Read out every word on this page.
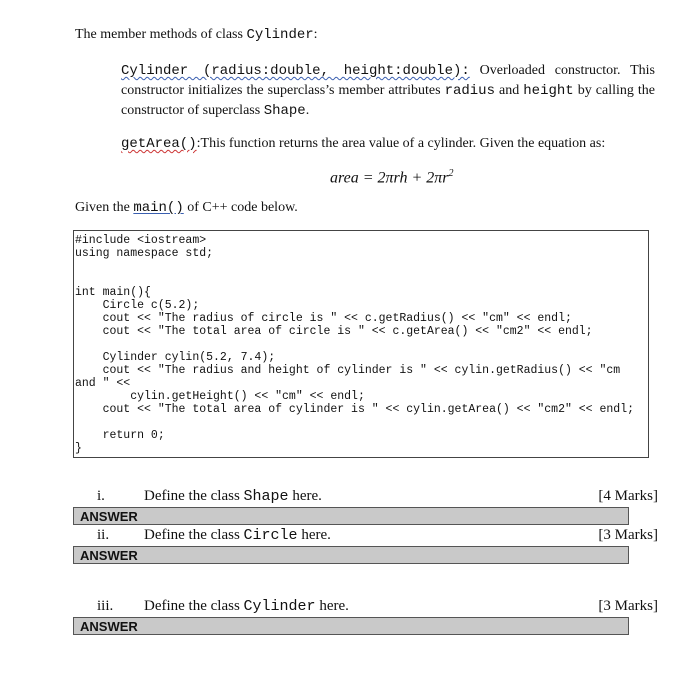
The member methods of class Cylinder:
Cylinder (radius:double, height:double): Overloaded constructor. This constructor initializes the superclass’s member attributes radius and height by calling the constructor of superclass Shape.
getArea():This function returns the area value of a cylinder. Given the equation as:
area = $2\pi rh + 2\pi r^2$
Given the main() of C++ code below.
#include <iostream>
using namespace std;
int main(){
Circle c(5.2);
cout << "The radius of circle is " << c.getRadius() << "cm" << endl;
cout << "The total area of circle is " << c.getArea() << "cm2" << endl;
Cylinder cylin(5.2, 7.4);
cout << "The radius and height of cylinder is " << cylin.getRadius() << "cm
and " <<
cylin.getHeight() << "cm" << endl;
cout << "The total area of cylinder is " << cylin.getArea() << "cm2" << endl;
return 0;
}
i.	Define the class Shape here.	[4 Marks]
ANSWER
ii. Define the class Circle here.	[3 Marks]
ANSWER
iii. Define the class Cylinder here.	[3 Marks]
ANSWER
